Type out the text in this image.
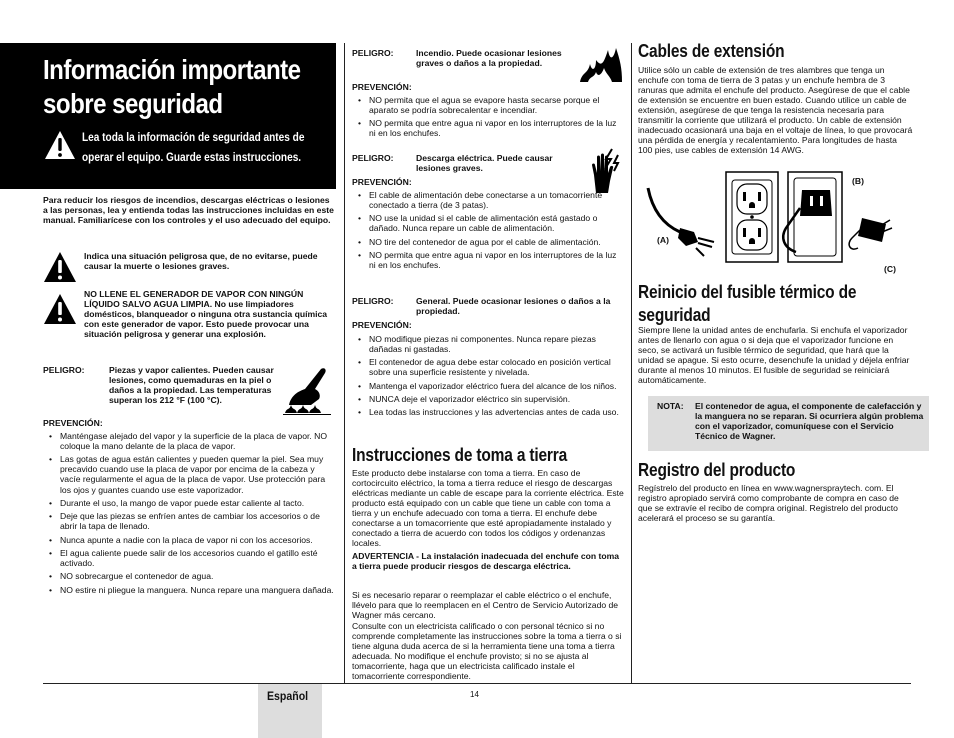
Información importante
sobre seguridad
Lea toda la información de seguridad antes de
operar el equipo. Guarde estas instrucciones.
Para reducir los riesgos de incendios, descargas eléctricas o lesiones a las personas, lea y entienda todas las instrucciones incluidas en este manual. Familiarícese con los controles y el uso adecuado del equipo.
Indica una situación peligrosa que, de no evitarse, puede causar la muerte o lesiones graves.
NO LLENE EL GENERADOR DE VAPOR CON NINGÚN LÍQUIDO SALVO AGUA LIMPIA. No use limpiadores domésticos, blanqueador o ninguna otra sustancia química con este generador de vapor. Esto puede provocar una situación peligrosa y generar una explosión.
PELIGRO:	Piezas y vapor calientes. Pueden causar lesiones, como quemaduras en la piel o daños a la propiedad. Las temperaturas superan los 212 °F (100 °C).
PREVENCIÓN:
• Manténgase alejado del vapor y la superficie de la placa de vapor. NO coloque la mano delante de la placa de vapor.
• Las gotas de agua están calientes y pueden quemar la piel. Sea muy precavido cuando use la placa de vapor por encima de la cabeza y vacíe regularmente el agua de la placa de vapor. Use protección para los ojos y guantes cuando use este vaporizador.
• Durante el uso, la mango de vapor puede estar caliente al tacto.
• Deje que las piezas se enfríen antes de cambiar los accesorios o de abrir la tapa de llenado.
• Nunca apunte a nadie con la placa de vapor ni con los accesorios.
• El agua caliente puede salir de los accesorios cuando el gatillo esté activado.
• NO sobrecargue el contenedor de agua.
• NO estire ni pliegue la manguera. Nunca repare una manguera dañada.
PELIGRO:	Incendio. Puede ocasionar lesiones graves o daños a la propiedad.
PREVENCIÓN:
• NO permita que el agua se evapore hasta secarse porque el aparato se podría sobrecalentar e incendiar.
• NO permita que entre agua ni vapor en los interruptores de la luz ni en los enchufes.
PELIGRO:	Descarga eléctrica. Puede causar lesiones graves.
PREVENCIÓN:
• El cable de alimentación debe conectarse a un tomacorriente conectado a tierra (de 3 patas).
• NO use la unidad si el cable de alimentación está gastado o dañado. Nunca repare un cable de alimentación.
• NO tire del contenedor de agua por el cable de alimentación.
• NO permita que entre agua ni vapor en los interruptores de la luz ni en los enchufes.
PELIGRO:	General. Puede ocasionar lesiones o daños a la propiedad.
PREVENCIÓN:
• NO modifique piezas ni componentes. Nunca repare piezas dañadas ni gastadas.
• El contenedor de agua debe estar colocado en posición vertical sobre una superficie resistente y nivelada.
• Mantenga el vaporizador eléctrico fuera del alcance de los niños.
• NUNCA deje el vaporizador eléctrico sin supervisión.
• Lea todas las instrucciones y las advertencias antes de cada uso.
Instrucciones de toma a tierra
Este producto debe instalarse con toma a tierra. En caso de cortocircuito eléctrico, la toma a tierra reduce el riesgo de descargas eléctricas mediante un cable de escape para la corriente eléctrica. Este producto está equipado con un cable que tiene un cable con toma a tierra y un enchufe adecuado con toma a tierra. El enchufe debe conectarse a un tomacorriente que esté apropiadamente instalado y conectado a tierra de acuerdo con todos los códigos y ordenanzas locales.
ADVERTENCIA - La instalación inadecuada del enchufe con toma a tierra puede producir riesgos de descarga eléctrica.
Si es necesario reparar o reemplazar el cable eléctrico o el enchufe, llévelo para que lo reemplacen en el Centro de Servicio Autorizado de Wagner más cercano.
Consulte con un electricista calificado o con personal técnico si no comprende completamente las instrucciones sobre la toma a tierra o si tiene alguna duda acerca de si la herramienta tiene una toma a tierra adecuada. No modifique el enchufe provisto; si no se ajusta al tomacorriente, haga que un electricista calificado instale el tomacorriente correspondiente.
Cables de extensión
Utilice sólo un cable de extensión de tres alambres que tenga un enchufe con toma de tierra de 3 patas y un enchufe hembra de 3 ranuras que admita el enchufe del producto. Asegúrese de que el cable de extensión se encuentre en buen estado. Cuando utilice un cable de extensión, asegúrese de que tenga la resistencia necesaria para transmitir la corriente que utilizará el producto. Un cable de extensión inadecuado ocasionará una baja en el voltaje de línea, lo que provocará una pérdida de energía y recalentamiento. Para longitudes de hasta 100 pies, use cables de extensión 14 AWG.
(A)
(B)
(C)
Reinicio del fusible térmico de
seguridad
Siempre llene la unidad antes de enchufarla. Si enchufa el vaporizador antes de llenarlo con agua o si deja que el vaporizador funcione en seco, se activará un fusible térmico de seguridad, que hará que la unidad se apague. Si esto ocurre, desenchufe la unidad y déjela enfriar durante al menos 10 minutos. El fusible de seguridad se reiniciará automáticamente.
NOTA: El contenedor de agua, el componente de calefacción y la manguera no se reparan. Si ocurriera algún problema con el vaporizador, comuníquese con el Servicio Técnico de Wagner.
Registro del producto
Regístrelo del producto en línea en www.wagnerspraytech. com. El registro apropiado servirá como comprobante de compra en caso de que se extravíe el recibo de compra original. Registrelo del producto acelerará el proceso se su garantía.
Español	14
